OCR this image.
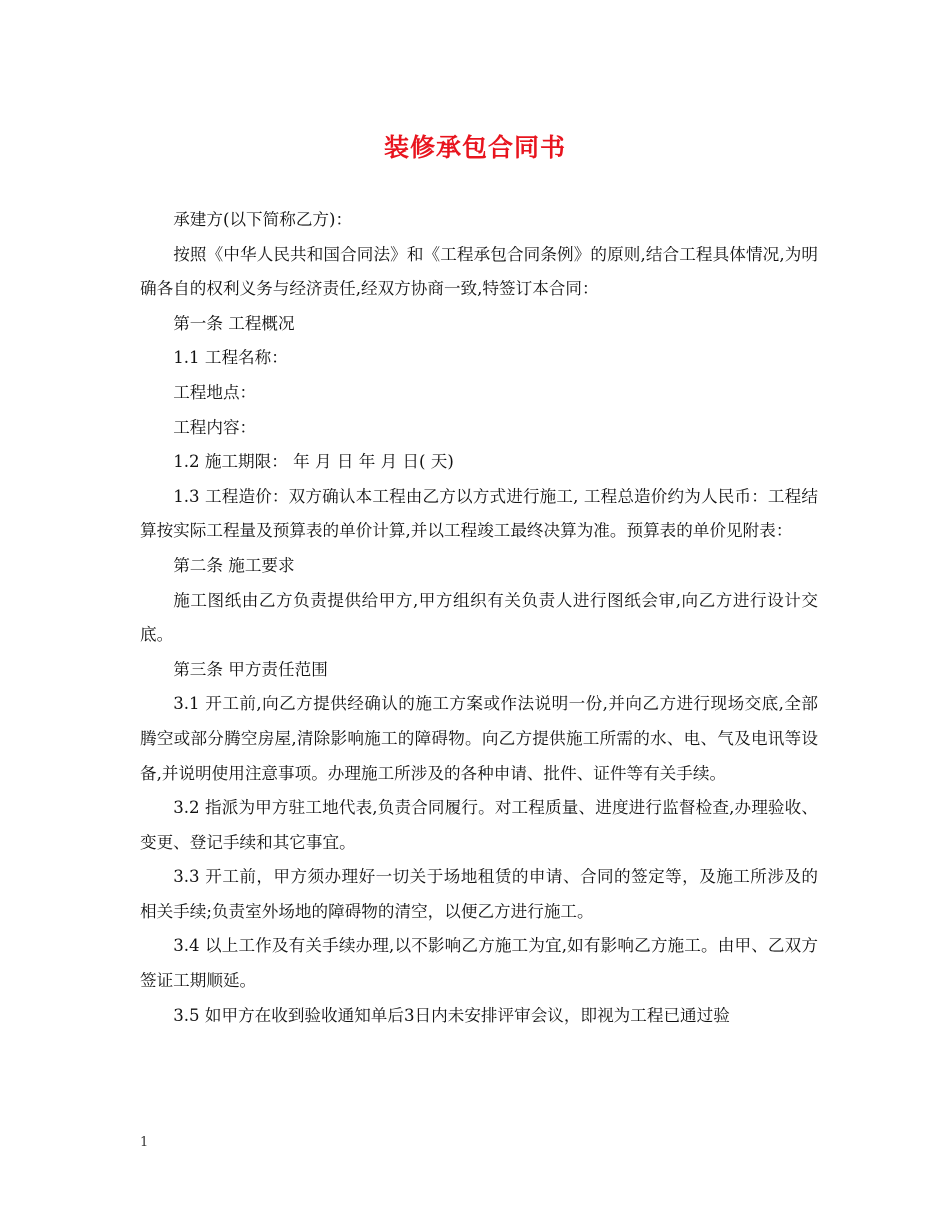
装修承包合同书

承建方(以下简称乙方)：

按照《中华人民共和国合同法》和《工程承包合同条例》的原则,结合工程具体情况,为明确各自的权利义务与经济责任,经双方协商一致,特签订本合同：

第一条 工程概况

1.1 工程名称：

工程地点：

工程内容：

1.2 施工期限： 年 月 日 年 月 日( 天)

1.3 工程造价：双方确认本工程由乙方以方式进行施工, 工程总造价约为人民币：工程结算按实际工程量及预算表的单价计算,并以工程竣工最终决算为准。预算表的单价见附表：

第二条 施工要求

施工图纸由乙方负责提供给甲方,甲方组织有关负责人进行图纸会审,向乙方进行设计交底。

第三条 甲方责任范围

3.1 开工前,向乙方提供经确认的施工方案或作法说明一份,并向乙方进行现场交底,全部腾空或部分腾空房屋,清除影响施工的障碍物。向乙方提供施工所需的水、电、气及电讯等设备,并说明使用注意事项。办理施工所涉及的各种申请、批件、证件等有关手续。

3.2 指派为甲方驻工地代表,负责合同履行。对工程质量、进度进行监督检查,办理验收、变更、登记手续和其它事宜。

3.3 开工前，甲方须办理好一切关于场地租赁的申请、合同的签定等，及施工所涉及的相关手续;负责室外场地的障碍物的清空，以便乙方进行施工。

3.4 以上工作及有关手续办理,以不影响乙方施工为宜,如有影响乙方施工。由甲、乙双方签证工期顺延。

3.5 如甲方在收到验收通知单后3日内未安排评审会议，即视为工程已通过验

1
